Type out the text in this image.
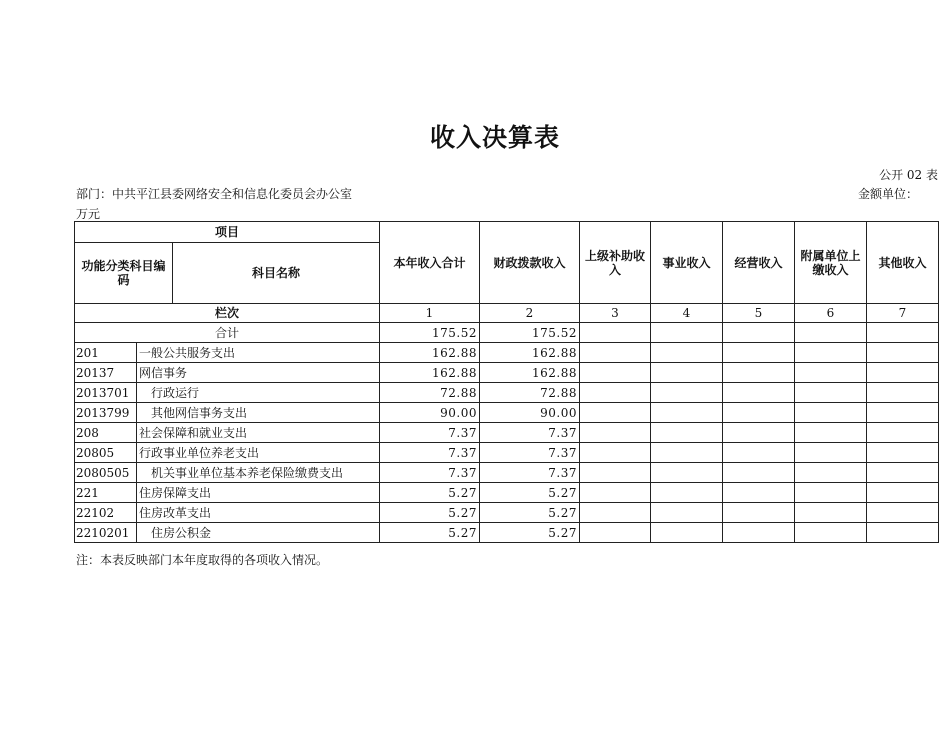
收入决算表
公开 02 表
部门：中共平江县委网络安全和信息化委员会办公室	金额单位：
万元
项目			本年收入合计	财政拨款收入	上级补助收入	事业收入	经营收入	附属单位上缴收入	其他收入
功能分类科目编码		科目名称							
栏次			1	2	3	4	5	6	7
合计			175.52	175.52					
201	一般公共服务支出		162.88	162.88					
20137	网信事务		162.88	162.88					
2013701	行政运行		72.88	72.88					
2013799	其他网信事务支出		90.00	90.00					
208	社会保障和就业支出		7.37	7.37					
20805	行政事业单位养老支出		7.37	7.37					
2080505	机关事业单位基本养老保险缴费支出		7.37	7.37					
221	住房保障支出		5.27	5.27					
22102	住房改革支出		5.27	5.27					
2210201	住房公积金		5.27	5.27					
注：本表反映部门本年度取得的各项收入情况。
